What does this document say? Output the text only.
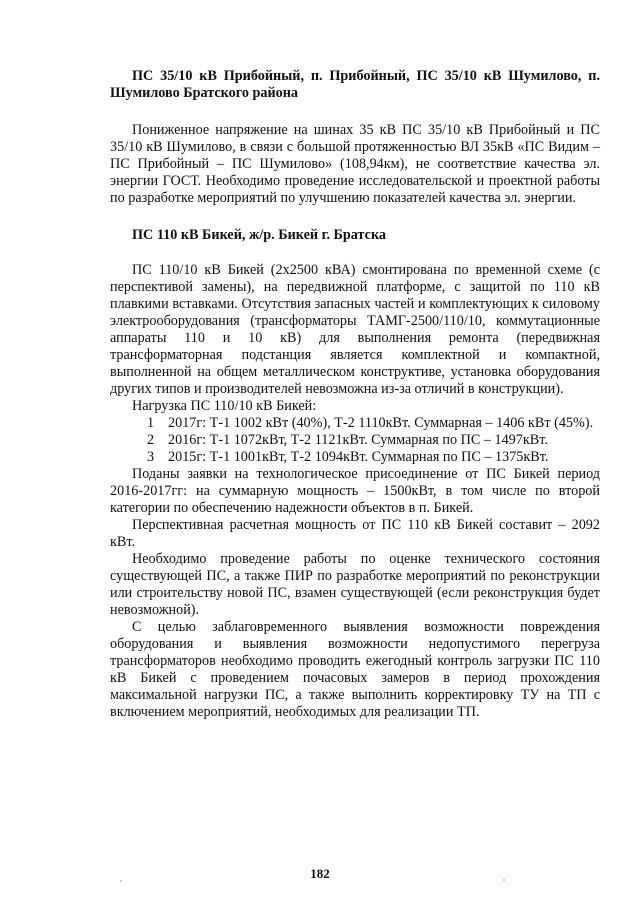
ПС 35/10 кВ Прибойный, п. Прибойный, ПС 35/10 кВ Шумилово, п. Шумилово Братского района

Пониженное напряжение на шинах 35 кВ ПС 35/10 кВ Прибойный и ПС 35/10 кВ Шумилово, в связи с большой протяженностью ВЛ 35кВ «ПС Видим – ПС Прибойный – ПС Шумилово» (108,94км), не соответствие качества эл. энергии ГОСТ. Необходимо проведение исследовательской и проектной работы по разработке мероприятий по улучшению показателей качества эл. энергии.

ПС 110 кВ Бикей, ж/р. Бикей г. Братска

ПС 110/10 кВ Бикей (2х2500 кВА) смонтирована по временной схеме (с перспективой замены), на передвижной платформе, с защитой по 110 кВ плавкими вставками. Отсутствия запасных частей и комплектующих к силовому электрооборудования (трансформаторы ТАМГ-2500/110/10, коммутационные аппараты 110 и 10 кВ) для выполнения ремонта (передвижная трансформаторная подстанция является комплектной и компактной, выполненной на общем металлическом конструктиве, установка оборудования других типов и производителей невозможна из-за отличий в конструкции).

Нагрузка ПС 110/10 кВ Бикей:

1 2017г: Т-1 1002 кВт (40%), Т-2 1110кВт. Суммарная – 1406 кВт (45%).
2 2016г: Т-1 1072кВт, Т-2 1121кВт. Суммарная по ПС – 1497кВт.
3 2015г: Т-1 1001кВт, Т-2 1094кВт. Суммарная по ПС – 1375кВт.

Поданы заявки на технологическое присоединение от ПС Бикей период 2016-2017гг: на суммарную мощность – 1500кВт, в том числе по второй категории по обеспечению надежности объектов в п. Бикей.

Перспективная расчетная мощность от ПС 110 кВ Бикей составит – 2092 кВт.

Необходимо проведение работы по оценке технического состояния существующей ПС, а также ПИР по разработке мероприятий по реконструкции или строительству новой ПС, взамен существующей (если реконструкция будет невозможной).

С целью заблаговременного выявления возможности повреждения оборудования и выявления возможности недопустимого перегруза трансформаторов необходимо проводить ежегодный контроль загрузки ПС 110 кВ Бикей с проведением почасовых замеров в период прохождения максимальной нагрузки ПС, а также выполнить корректировку ТУ на ТП с включением мероприятий, необходимых для реализации ТП.

182
